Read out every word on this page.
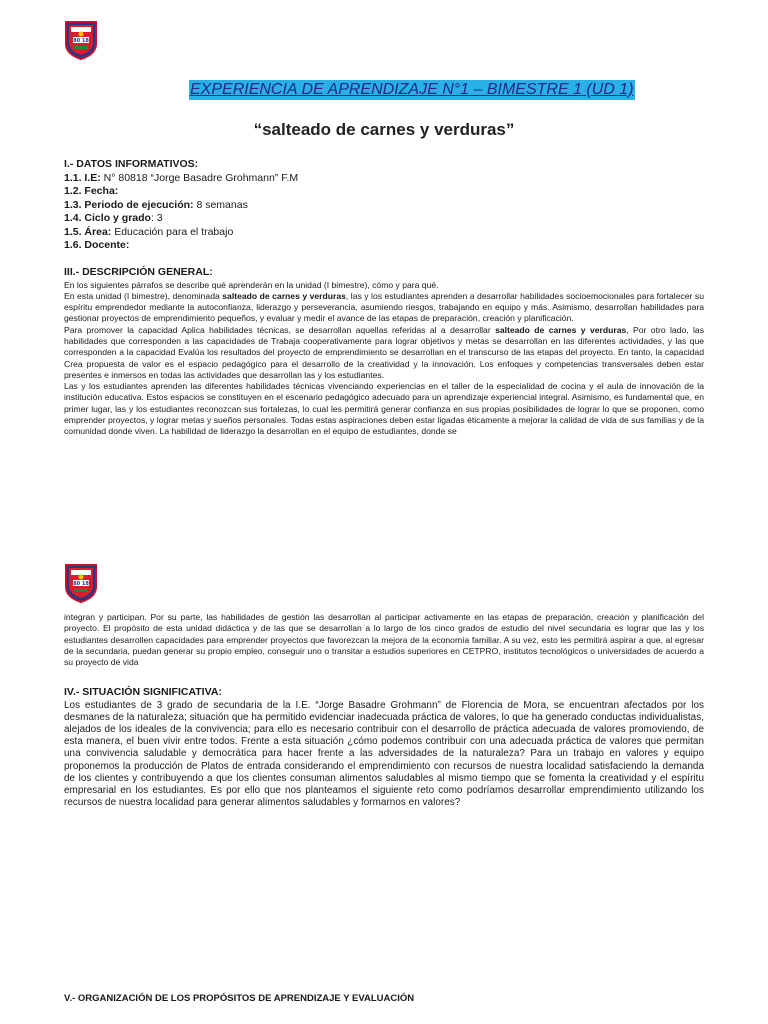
80 18
EXPERIENCIA DE APRENDIZAJE N°1 – BIMESTRE 1 (UD 1)
“salteado de carnes y verduras”
I.- DATOS INFORMATIVOS:
1.1. I.E: N° 80818 “Jorge Basadre Grohmann” F.M
1.2. Fecha:
1.3. Periodo de ejecución: 8 semanas
1.4. Ciclo y grado: 3
1.5. Área: Educación para el trabajo
1.6. Docente:
III.- DESCRIPCIÓN GENERAL:

En los siguientes párrafos se describe qué aprenderán en la unidad (I bimestre), cómo y para qué.

En esta unidad (I bimestre), denominada salteado de carnes y verduras, las y los estudiantes aprenden a desarrollar habilidades socioemocionales para fortalecer su espíritu emprendedor mediante la autoconfianza, liderazgo y perseverancia, asumiendo riesgos, trabajando en equipo y más. Asimismo, desarrollan habilidades para gestionar proyectos de emprendimiento pequeños, y evaluar y medir el avance de las etapas de preparación, creación y planificación.

Para promover la capacidad Aplica habilidades técnicas, se desarrollan aquellas referidas al a desarrollar salteado de carnes y verduras, Por otro lado, las habilidades que corresponden a las capacidades de Trabaja cooperativamente para lograr objetivos y metas se desarrollan en las diferentes actividades, y las que corresponden a la capacidad Evalúa los resultados del proyecto de emprendimiento se desarrollan en el transcurso de las etapas del proyecto. En tanto, la capacidad Crea propuesta de valor es el espacio pedagógico para el desarrollo de la creatividad y la innovación. Los enfoques y competencias transversales deben estar presentes e inmersos en todas las actividades que desarrollan las y los estudiantes.

Las y los estudiantes aprenden las diferentes habilidades técnicas vivenciando experiencias en el taller de la especialidad de cocina y el aula de innovación de la institución educativa. Estos espacios se constituyen en el escenario pedagógico adecuado para un aprendizaje experiencial integral. Asimismo, es fundamental que, en primer lugar, las y los estudiantes reconozcan sus fortalezas, lo cual les permitirá generar confianza en sus propias posibilidades de lograr lo que se proponen, como emprender proyectos, y lograr metas y sueños personales. Todas estas aspiraciones deben estar ligadas éticamente a mejorar la calidad de vida de sus familias y de la comunidad donde viven. La habilidad de liderazgo la desarrollan en el equipo de estudiantes, donde se

80 18

integran y participan. Por su parte, las habilidades de gestión las desarrollan al participar activamente en las etapas de preparación, creación y planificación del proyecto. El propósito de esta unidad didáctica y de las que se desarrollan a lo largo de los cinco grados de estudio del nivel secundaria es lograr que las y los estudiantes desarrollen capacidades para emprender proyectos que favorezcan la mejora de la economía familiar. A su vez, esto les permitirá aspirar a que, al egresar de la secundaria, puedan generar su propio empleo, conseguir uno o transitar a estudios superiores en CETPRO, institutos tecnológicos o universidades de acuerdo a su proyecto de vida

IV.- SITUACIÓN SIGNIFICATIVA:

Los estudiantes de 3 grado de secundaria de la I.E. “Jorge Basadre Grohmann” de Florencia de Mora, se encuentran afectados por los desmanes de la naturaleza; situación que ha permitido evidenciar inadecuada práctica de valores, lo que ha generado conductas individualistas, alejados de los ideales de la convivencia; para ello es necesario contribuir con el desarrollo de práctica adecuada de valores promoviendo, de esta manera, el buen vivir entre todos. Frente a esta situación ¿cómo podemos contribuir con una adecuada práctica de valores que permitan una convivencia saludable y democrática para hacer frente a las adversidades de la naturaleza? Para un trabajo en valores y equipo proponemos la producción de Platos de entrada considerando el emprendimiento con recursos de nuestra localidad satisfaciendo la demanda de los clientes y contribuyendo a que los clientes consuman alimentos saludables al mismo tiempo que se fomenta la creatividad y el espíritu empresarial en los estudiantes. Es por ello que nos planteamos el siguiente reto como podríamos desarrollar emprendimiento utilizando los recursos de nuestra localidad para generar alimentos saludables y formarnos en valores?

V.- ORGANIZACIÓN DE LOS PROPÓSITOS DE APRENDIZAJE Y EVALUACIÓN
